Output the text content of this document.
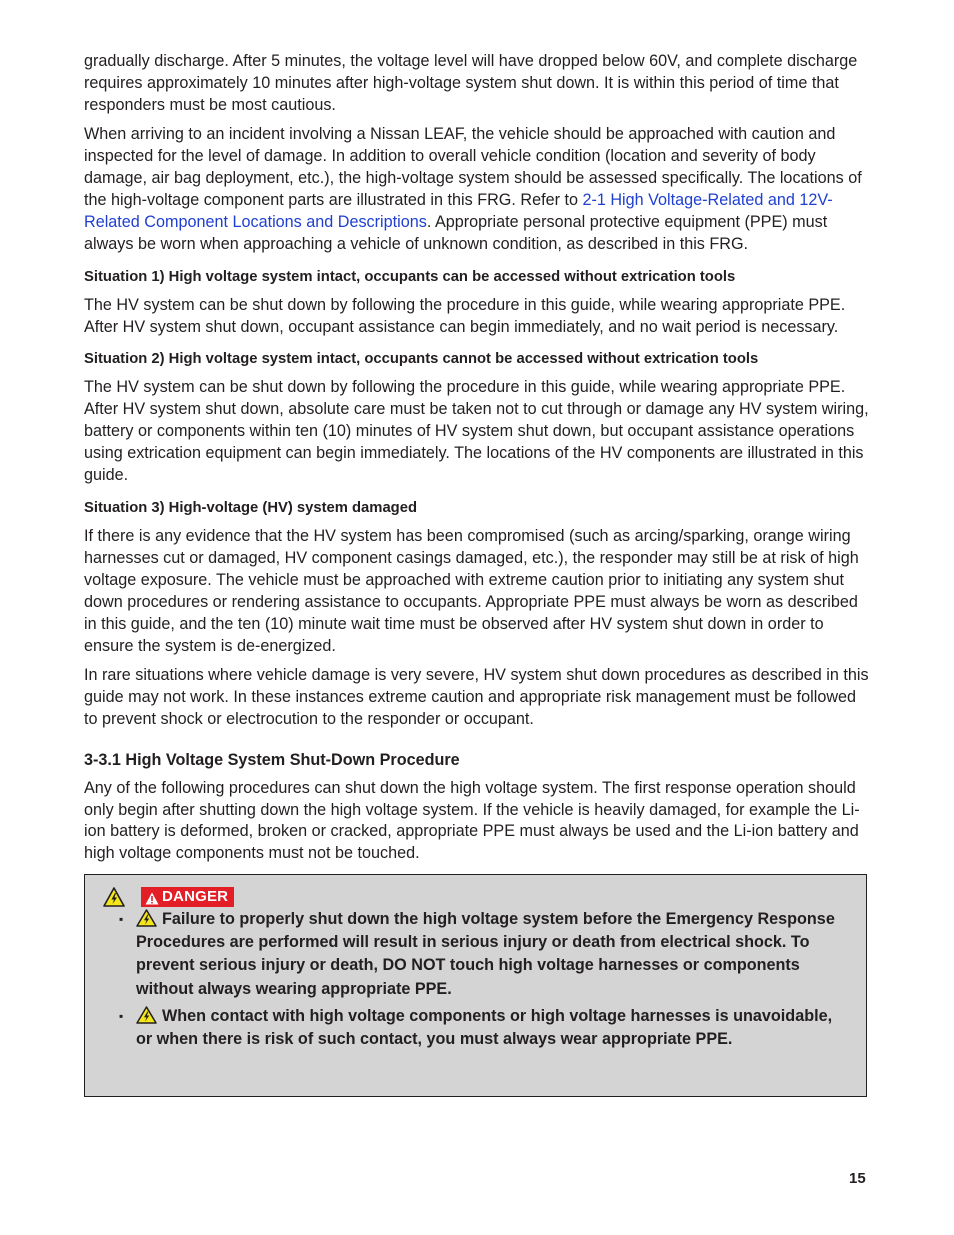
gradually discharge. After 5 minutes, the voltage level will have dropped below 60V, and complete discharge requires approximately 10 minutes after high-voltage system shut down. It is within this period of time that responders must be most cautious.

When arriving to an incident involving a Nissan LEAF, the vehicle should be approached with caution and inspected for the level of damage. In addition to overall vehicle condition (location and severity of body damage, air bag deployment, etc.), the high-voltage system should be assessed specifically. The locations of the high-voltage component parts are illustrated in this FRG. Refer to 2-1 High Voltage-Related and 12V-Related Component Locations and Descriptions. Appropriate personal protective equipment (PPE) must always be worn when approaching a vehicle of unknown condition, as described in this FRG.

Situation 1) High voltage system intact, occupants can be accessed without extrication tools

The HV system can be shut down by following the procedure in this guide, while wearing appropriate PPE. After HV system shut down, occupant assistance can begin immediately, and no wait period is necessary.

Situation 2) High voltage system intact, occupants cannot be accessed without extrication tools

The HV system can be shut down by following the procedure in this guide, while wearing appropriate PPE. After HV system shut down, absolute care must be taken not to cut through or damage any HV system wiring, battery or components within ten (10) minutes of HV system shut down, but occupant assistance operations using extrication equipment can begin immediately. The locations of the HV components are illustrated in this guide.

Situation 3) High-voltage (HV) system damaged

If there is any evidence that the HV system has been compromised (such as arcing/sparking, orange wiring harnesses cut or damaged, HV component casings damaged, etc.), the responder may still be at risk of high voltage exposure. The vehicle must be approached with extreme caution prior to initiating any system shut down procedures or rendering assistance to occupants. Appropriate PPE must always be worn as described in this guide, and the ten (10) minute wait time must be observed after HV system shut down in order to ensure the system is de-energized.

In rare situations where vehicle damage is very severe, HV system shut down procedures as described in this guide may not work. In these instances extreme caution and appropriate risk management must be followed to prevent shock or electrocution to the responder or occupant.

3-3.1 High Voltage System Shut-Down Procedure

Any of the following procedures can shut down the high voltage system. The first response operation should only begin after shutting down the high voltage system. If the vehicle is heavily damaged, for example the Li-ion battery is deformed, broken or cracked, appropriate PPE must always be used and the Li-ion battery and high voltage components must not be touched.

DANGER
▪ Failure to properly shut down the high voltage system before the Emergency Response Procedures are performed will result in serious injury or death from electrical shock. To prevent serious injury or death, DO NOT touch high voltage harnesses or components without always wearing appropriate PPE.
▪ When contact with high voltage components or high voltage harnesses is unavoidable, or when there is risk of such contact, you must always wear appropriate PPE.
15
